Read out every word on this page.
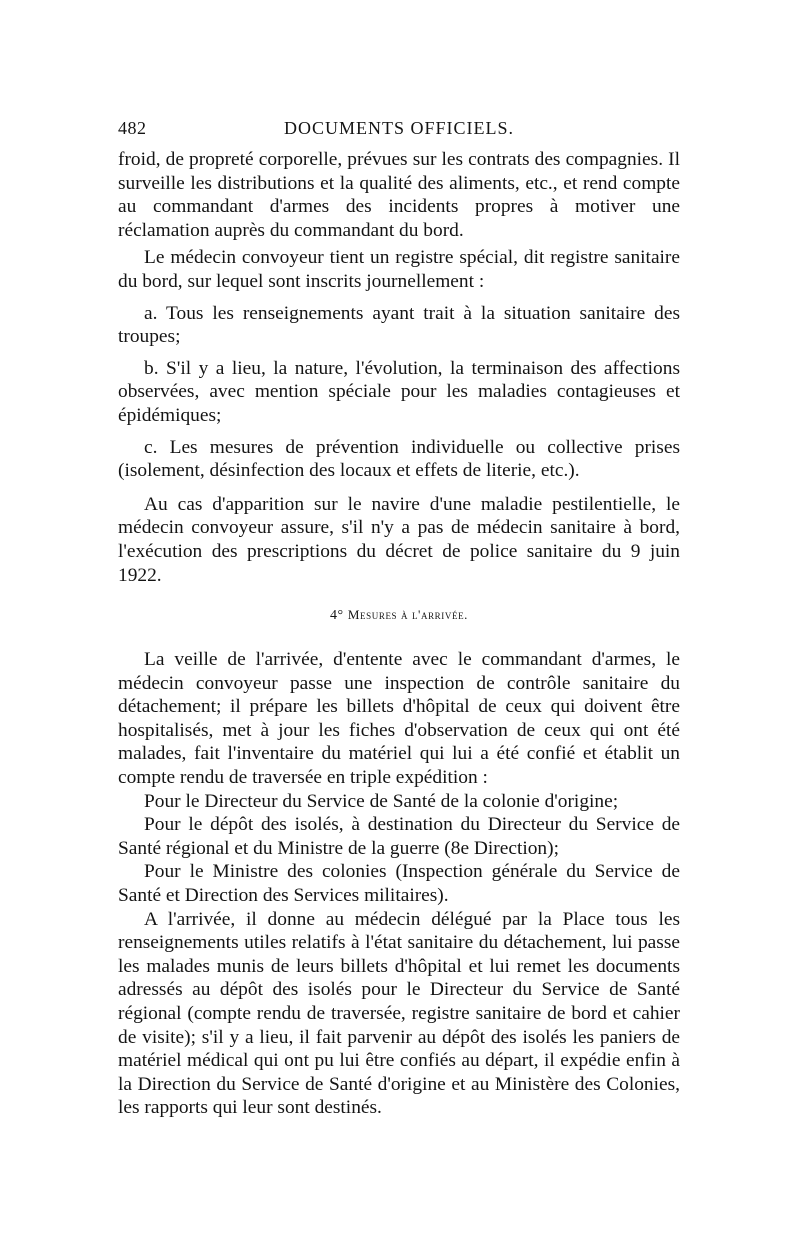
482	DOCUMENTS OFFICIELS.

froid, de propreté corporelle, prévues sur les contrats des compagnies. Il surveille les distributions et la qualité des aliments, etc., et rend compte au commandant d'armes des incidents propres à motiver une réclamation auprès du commandant du bord.

Le médecin convoyeur tient un registre spécial, dit registre sanitaire du bord, sur lequel sont inscrits journellement :

a. Tous les renseignements ayant trait à la situation sanitaire des troupes;

b. S'il y a lieu, la nature, l'évolution, la terminaison des affections observées, avec mention spéciale pour les maladies contagieuses et épidémiques;

c. Les mesures de prévention individuelle ou collective prises (isolement, désinfection des locaux et effets de literie, etc.).

Au cas d'apparition sur le navire d'une maladie pestilentielle, le médecin convoyeur assure, s'il n'y a pas de médecin sanitaire à bord, l'exécution des prescriptions du décret de police sanitaire du 9 juin 1922.

4° Mesures à l'arrivée.

La veille de l'arrivée, d'entente avec le commandant d'armes, le médecin convoyeur passe une inspection de contrôle sanitaire du détachement; il prépare les billets d'hôpital de ceux qui doivent être hospitalisés, met à jour les fiches d'observation de ceux qui ont été malades, fait l'inventaire du matériel qui lui a été confié et établit un compte rendu de traversée en triple expédition :

Pour le Directeur du Service de Santé de la colonie d'origine;

Pour le dépôt des isolés, à destination du Directeur du Service de Santé régional et du Ministre de la guerre (8e Direction);

Pour le Ministre des colonies (Inspection générale du Service de Santé et Direction des Services militaires).

A l'arrivée, il donne au médecin délégué par la Place tous les renseignements utiles relatifs à l'état sanitaire du détachement, lui passe les malades munis de leurs billets d'hôpital et lui remet les documents adressés au dépôt des isolés pour le Directeur du Service de Santé régional (compte rendu de traversée, registre sanitaire de bord et cahier de visite); s'il y a lieu, il fait parvenir au dépôt des isolés les paniers de matériel médical qui ont pu lui être confiés au départ, il expédie enfin à la Direction du Service de Santé d'origine et au Ministère des Colonies, les rapports qui leur sont destinés.
